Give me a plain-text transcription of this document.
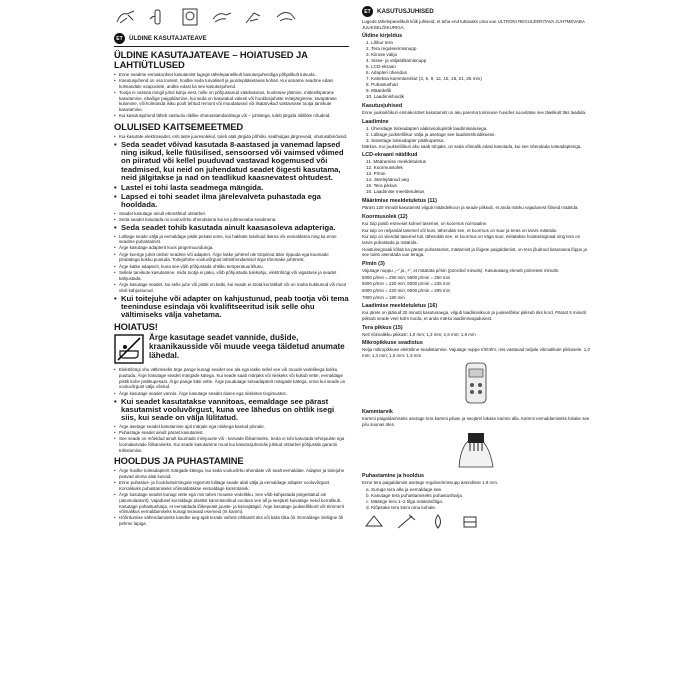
ET	ÜLDINE KASUTAJATEAVE
ÜLDINE KASUTAJATEAVE – HOIATUSED JA LAHTIÜTLUSED
• Enne seadme esmakordset kasutamist lugege tähelepanelikult kasutusjuhendiga põhjalikult tutvuda.
• Kasutusjuhend on osa tootest, hoidke seda turvaliselt ja juurdepääsetavas kohas. Kui anname seadme edasi kolmandale osapoolele, andke edasi ka see kasutusjuhend.
• Tootja ei vastuta mingil juhul kahju eest, mille on põhjustanud väärkasutus, hooletuse jätmine, mittesihipärane kasutamine, ebaõige paigaldamine, kui seda on kasutatud valesti või hooldusjuhiste mittejärgimine, tavapärase kulumine, või kolmanda isiku poolt tehtud remont või muudatused või lisatarvikud vastavusse tootja tarvikute kasutamine.
• Kui kasutusjuhend läheb vastuolu riiklike ohutusstandarditega või – juhistega, tuleb järgida riiklikke nõudeid.
OLULISED KAITSEMEETMED
• Kui kasutate elektriseadet, eriti laste juuresolekul, tuleb alati järgida põhilisi, sealhulgas järgnevaid, ohutusabinõusid.
• Seda seadet võivad kasutada 8-aastased ja vanemad lapsed ning isikud, kelle füüsilised, sensoorsed või vaimsed võimed on piiratud või kellel puuduvad vastavad kogemused või teadmised, kui neid on juhendatud seadet õigesti kasutama, neid jälgitakse ja nad on teadlikud kaasnevatest ohtudest.
• Lastel ei tohi lasta seadmega mängida.
• Lapsed ei tohi seadet ilma järelevalveta puhastada ega hooldada.
• Seadet kasutage ainult ettenähtud otstarbel.
• Seda seadet kasutada nii vooluvõrku ühendatuna kui ka juhtmevaba seadmena.
• Seda seadet tohib kasutada ainult kaasasoleva adapteriga.
• Lülitage seade välja ja eemaldage pistik pesast enne, kui hakkate tarvikuid ikama või eemaldama ning ka enne seadme puhastamist.
• Ärge kasutage adapterit koos pingemuunduriga.
• Ärge keerige juhet ümber seadme või adapteri. Ärge laske juhtmel üle tööpinna ääre rippuda ega kuumade pindadega kokku puutuda. Toitejuhtme vooluvõrgust lahtiühendamisel ärge tõmmake juhtmest.
• Ärge katke adapterit, kuna see võib põhjustada ohtliku temperatuuritõusu.
• Sellele tarvikute kasutamine, mida tootja ei paku, võib põhjustada tulekahju, elektrilöögi või vigastuse ja seadet kahjustada.
• Ärge kasutage seadet, kui selle juhe või pistik on katki, kui seade ei tööta korralikult või on maha kukkunud või muul viisil kahjustunud.
• Kui toitejuhe või adapter on kahjustunud, peab tootja või tema teeninduse esindaja või kvalifitseeritud isik selle ohu vältimiseks välja vahetama.
HOIATUS!
Ärge kasutage seadet vannide, dušide, kraanikausside või muude veega täidetud anumate lähedal.
• Elektrilöögi ohu vältimiseks ärge pange kunagi seadet vee ala ega laske sellel vee või muude vedelikega kokku puutuda. Ärge kasutage seadet märgade kätega. Kui seade saab märjaks või niiskeks või kukub vette, eemaldage pistik kohe pistikupesast. Ärge pange käsi vette. Ärge puudutage toiteadapterit märgade kätega, enne kui seade on vooluvõrgust välja võetud.
• Ärge kasutage seadet vannis. Ärge kasutage seadet duses ega niisketes tingimustes.
• Kui seadet kasutatakse vannitoas, eemaldage see pärast kasutamist vooluvõrgust, kuna vee lähedus on ohtlik isegi siis, kui seade on välja lülitatud.
• Ärge asetage seadet kasutamise ajal märjale ega niiskega kaetud pinnale.
• Puhastage seadet ainult pärast kasutamist.
• See seade on mõeldud ainult kuumade inimjuuste või - karvade lõikamiseks. Seda ei tohi kasutada tehisjuuste ega loomakarvade lõikamiseks. Kui seade kasutamine muul kui kasutusjuhendis juhitud otstarbel põhjustab garantii tühistamise.
HOOLDUS JA PUHASTAMINE
• Ärge hoidke toiteadapterit märgade kätega, kui seda vooluvõrku ühendate või sealt eemaldate. Adapter ja toitejuhe peavad olema alati kuivad.
• Enne puhastus- ja hooldustoimingute tegemist lülitage seade alati välja ja eemaldage adapter vooluvõrgust. Korralikuks puhastamiseks võimaldatakse eemaldage kammtarvik.
• Ärge kasutage seadet kunagi vette ega mis tahes muusse vedelikku. See võib kahjustada pingestatud osi (akumulaatorit). Vajadusel korraldage plastist kammtarvikud voolava vee all ja seejärel kuivatage need korralikult. Kasutage puhastusharja, et eemaldada lõikepeäst juuste- ja karvajäägid. Ärge kasutage juukselõikurit või trimmerit võimalikus eemaldamiseks kunagi teravaid esemeid (nt kamm).
• Hõõrdumise vähendamiseks kandke aeg-ajalt terade vahele ühtlaselt üks või kaks tilka õli. Eemaldage üleliigne õli pehme lapiga.
ET	KASUTUSJUHISED
Lugede tähelepanelikult kõik juhiseid, et teha end tuttavaks oma uue ULTRON! REGULEERITAVA JUHTMEVABA JUUKSELÕIKURIGA.
Üldine kirjeldus
1. Lõikur tera
2. Tera reguleerimisnupp
3. Kiiruse valija
4. Sisse- ja väljalülitamisnupp
5. LCD-ekraan
6. Adapteri ühendus
7. Kaheksa kammtarvikut (3, 6, 9, 12, 15, 18, 21, 25 mm)
8. Puhastushari
9. Määrdeõli
10. Laadimishoidik
Kasutusjuhised
Enne juukselõikuri esmakordset kasutamist on aku parema toimivuse huvides soovitatav see täielikult täis laadida.
Laadimine
1. Ühendage toiteadapteri alalisvoolupistik laadimisalusega.
2. Lülitage juukselõikur välja ja asetage see laadimishoidikusse.
3. Sisestage toiteadapter pistikupessa.
Märkus. Kui juukselõikuri aku saab tühjaks, on seda võimalik edasi kasutada, kui see ühendada toiteadapteriga.
LCD-ekraani näidikud
11. Määramise meeldetuletus
12. Koormussolek
13. P/min
14. Järelejäänud aeg
15. Tera pikkus
16. Laadimise meeldetuletus
Määrimise meeldetuletus (11)
Pärast 120 minutit kasutamist vilgub määrdeikoon ja seade piiksub, et anda märku vajadusest lõiseid määrida.
Koormusolek (12)
Kui tulp püsib esimesel kolmel tasemel, on koormus normaalne.
Kui tulp on neljandal tasemel või kuni, tähendab see, et koormus on suur ja teras on tarvis määrida.
Kui tulp on viiendal tasemel tuli, tähendab see, et koormus on väga suur, esitatakse hoiatussignaal ning tera on tarvis puhastada ja määrida.
Hoiatussignaali kõlab ka pärast puhastamist, määrimist ja lõigete paigaldamist, on tera jõudnud kasutusea lõppu ja see tuleb asendada uue teraga.
P/min (3)
Vajutage nuppu „–“ ja „+“, et määrata p/min (pöörded minutis). Kasutusaeg eleneb pööretest minutis:
5000 p/min = 290 min; 5500 p/min = 250 min
5000 p/min = 220 min; 6000 p/min = 235 min
6000 p/min = 220 min; 6500 p/min = 205 min
7000 p/min = 190 min
Laadimise meeldetuletus (16)
Kui järele on jäänud 20 minutit kasutusaega, vilgub laadimisikoon ja juukselõikur piiksub üks kord. Pärast 5 minutit piiksub seade veel kolm korda, et anda märku laadimisvajadusest.
Tera pikkus (15)
Neli võimalikku pikkust: 1,0 mm; 1,3 mm; 1,6 mm; 1,9 mm
Mikropikkuse seadistus
Nelja mikropikkuse elektriline seadistamine. Vajutage nuppe I/II/III/IV, mis vastavad neljale võimalikule pikkusele: 1,0 mm; 1,3 mm; 1,6 mm; 1,9 mm
Kammtarvik
Kammi paigaldamiseks asetage tera kammi piluse ja seejärel lükake kammi alla. Kammi eemaldamiseks lükake see pilu suunas üles.
Puhastamine ja hooldus
Enne tera paigaldamist asetage reguleerimisnupp asendisse 1,9 mm.
a. Suruge tera alla ja eemaldage see.
b. Kasutage tera puhastamiseks puhastusharja.
c. Määrige tera 1–2 tilga määrdeõliga.
d. Klõpsake tera kinni oma kohale.
